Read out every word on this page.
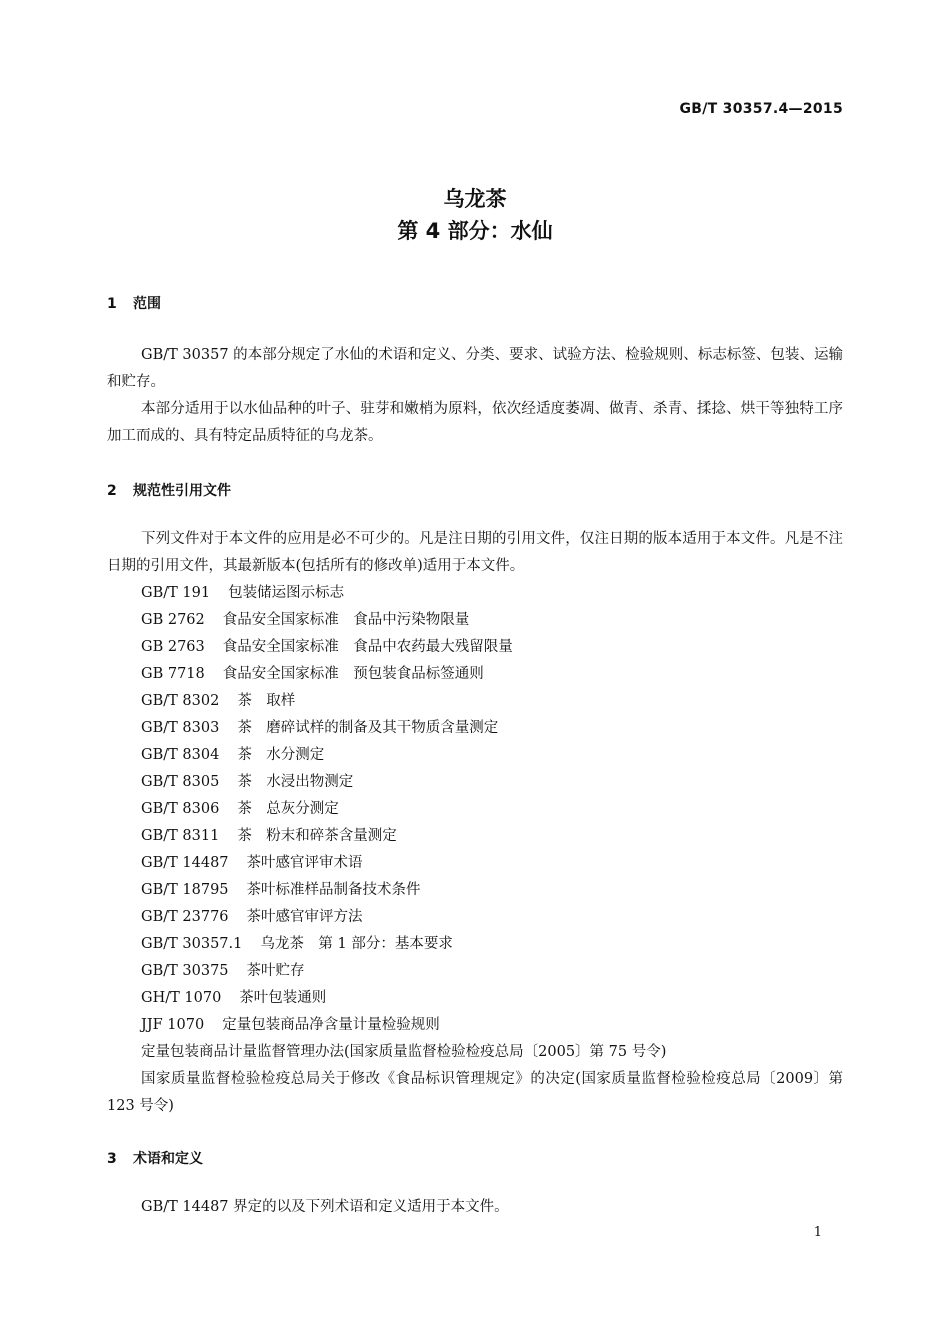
GB/T 30357.4—2015
乌龙茶
第 4 部分：水仙
1 范围

GB/T 30357 的本部分规定了水仙的术语和定义、分类、要求、试验方法、检验规则、标志标签、包装、运输和贮存。

本部分适用于以水仙品种的叶子、驻芽和嫩梢为原料，依次经适度萎凋、做青、杀青、揉捻、烘干等独特工序加工而成的、具有特定品质特征的乌龙茶。

2 规范性引用文件

下列文件对于本文件的应用是必不可少的。凡是注日期的引用文件，仅注日期的版本适用于本文件。凡是不注日期的引用文件，其最新版本(包括所有的修改单)适用于本文件。

GB/T 191 包装储运图示标志
GB 2762 食品安全国家标准　食品中污染物限量
GB 2763 食品安全国家标准　食品中农药最大残留限量
GB 7718 食品安全国家标准　预包装食品标签通则
GB/T 8302 茶　取样
GB/T 8303 茶　磨碎试样的制备及其干物质含量测定
GB/T 8304 茶　水分测定
GB/T 8305 茶　水浸出物测定
GB/T 8306 茶　总灰分测定
GB/T 8311 茶　粉末和碎茶含量测定
GB/T 14487 茶叶感官评审术语
GB/T 18795 茶叶标准样品制备技术条件
GB/T 23776 茶叶感官审评方法
GB/T 30357.1 乌龙茶　第 1 部分：基本要求
GB/T 30375 茶叶贮存
GH/T 1070 茶叶包装通则
JJF 1070 定量包装商品净含量计量检验规则
定量包装商品计量监督管理办法(国家质量监督检验检疫总局〔2005〕第 75 号令)

国家质量监督检验检疫总局关于修改《食品标识管理规定》的决定(国家质量监督检验检疫总局〔2009〕第 123 号令)

3 术语和定义

GB/T 14487 界定的以及下列术语和定义适用于本文件。

1
